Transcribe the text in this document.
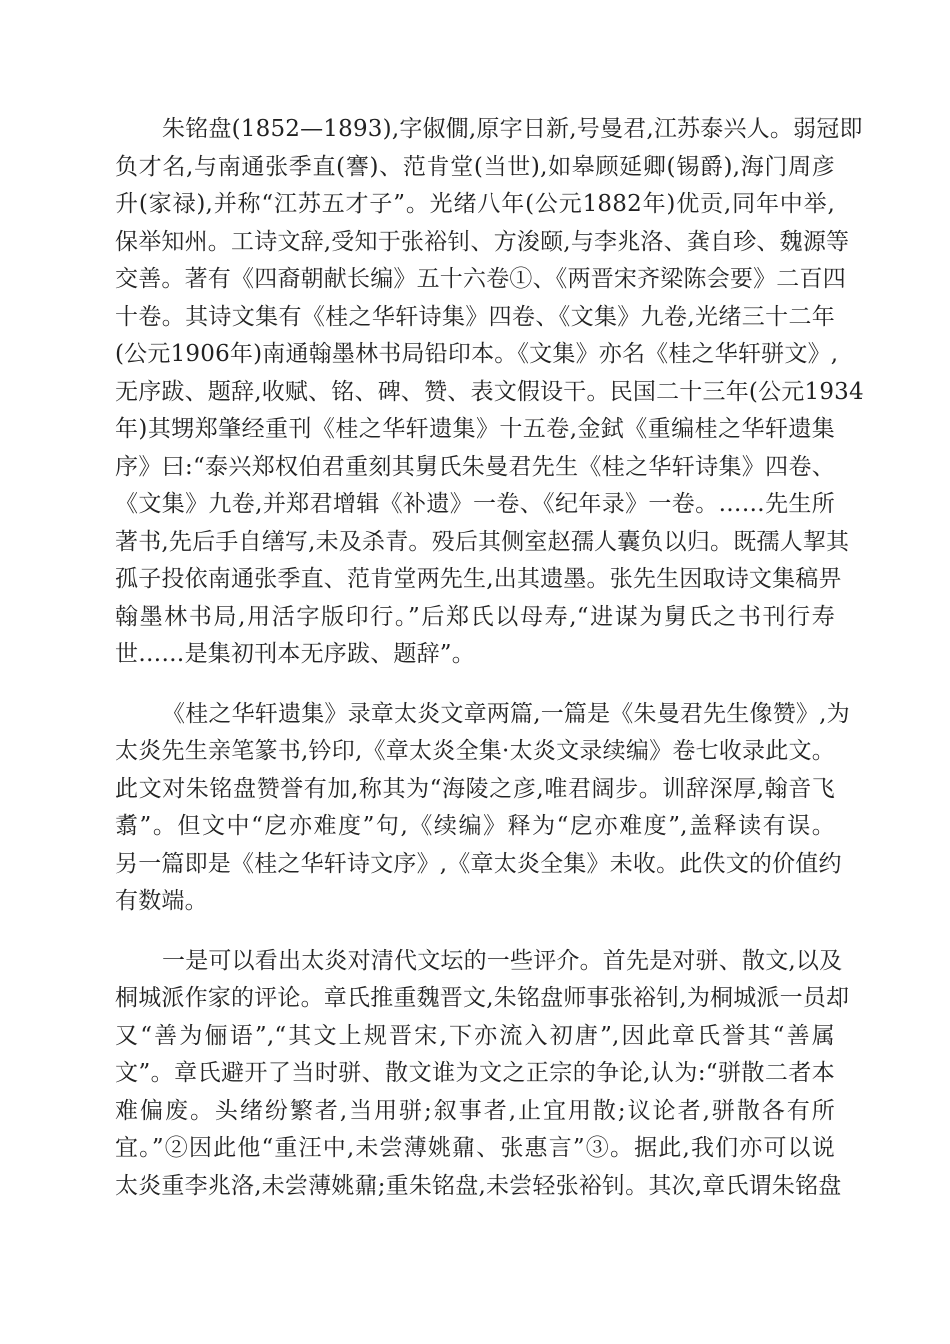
朱铭盘(1852—1893),字俶僩,原字日新,号曼君,江苏泰兴人。弱冠即
负才名,与南通张季直(謇)、范肯堂(当世),如皋顾延卿(锡爵),海门周彦
升(家禄),并称“江苏五才子”。光绪八年(公元1882年)优贡,同年中举,
保举知州。工诗文辞,受知于张裕钊、方浚颐,与李兆洛、龚自珍、魏源等
交善。著有《四裔朝献长编》五十六卷①、《两晋宋齐梁陈会要》二百四
十卷。其诗文集有《桂之华轩诗集》四卷、《文集》九卷,光绪三十二年
(公元1906年)南通翰墨林书局铅印本。《文集》亦名《桂之华轩骈文》,
无序跋、题辞,收赋、铭、碑、赞、表文假设干。民国二十三年(公元1934
年)其甥郑肇经重刊《桂之华轩遗集》十五卷,金鉽《重编桂之华轩遗集
序》曰:“泰兴郑权伯君重刻其舅氏朱曼君先生《桂之华轩诗集》四卷、
《文集》九卷,并郑君增辑《补遗》一卷、《纪年录》一卷。……先生所
著书,先后手自缮写,未及杀青。殁后其侧室赵孺人囊负以归。既孺人挈其
孤子投依南通张季直、范肯堂两先生,出其遗墨。张先生因取诗文集稿畀
翰墨林书局,用活字版印行。”后郑氏以母寿,“进谋为舅氏之书刊行寿
世……是集初刊本无序跋、题辞”。
《桂之华轩遗集》录章太炎文章两篇,一篇是《朱曼君先生像赞》,为
太炎先生亲笔篆书,钤印,《章太炎全集·太炎文录续编》卷七收录此文。
此文对朱铭盘赞誉有加,称其为“海陵之彦,唯君阔步。训辞深厚,翰音飞
翥”。但文中“戹亦难度”句,《续编》释为“戹亦难度”,盖释读有误。
另一篇即是《桂之华轩诗文序》,《章太炎全集》未收。此佚文的价值约
有数端。
一是可以看出太炎对清代文坛的一些评介。首先是对骈、散文,以及
桐城派作家的评论。章氏推重魏晋文,朱铭盘师事张裕钊,为桐城派一员却
又“善为俪语”,“其文上规晋宋,下亦流入初唐”,因此章氏誉其“善属
文”。章氏避开了当时骈、散文谁为文之正宗的争论,认为:“骈散二者本
难偏废。头绪纷繁者,当用骈;叙事者,止宜用散;议论者,骈散各有所
宜。”②因此他“重汪中,未尝薄姚鼐、张惠言”③。据此,我们亦可以说
太炎重李兆洛,未尝薄姚鼐;重朱铭盘,未尝轻张裕钊。其次,章氏谓朱铭盘
